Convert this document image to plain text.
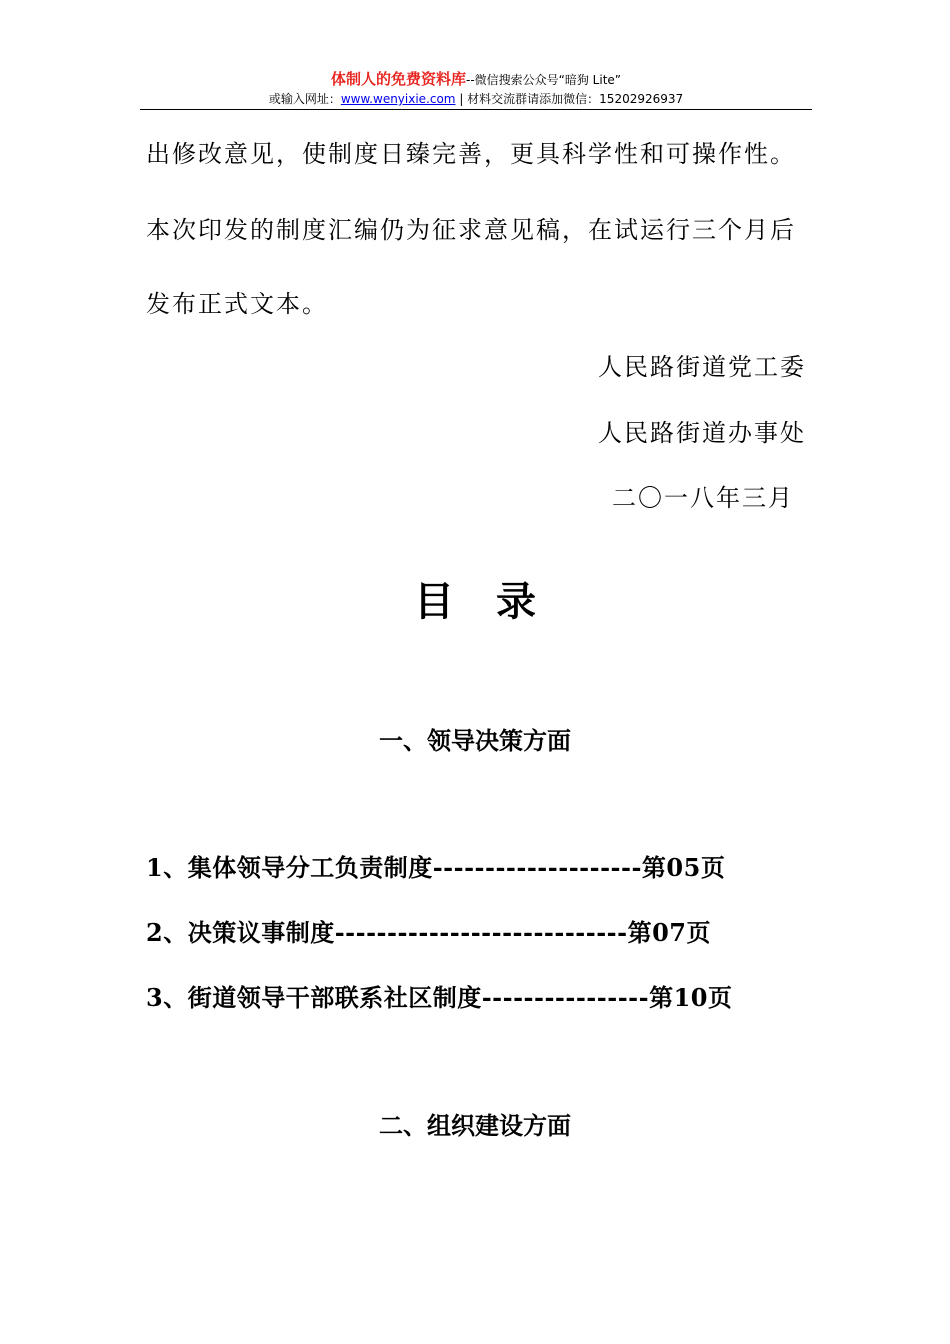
体制人的免费资料库--微信搜索公众号“暗狗 Lite”
或输入网址：www.wenyixie.com | 材料交流群请添加微信：15202926937
出修改意见，使制度日臻完善，更具科学性和可操作性。
本次印发的制度汇编仍为征求意见稿，在试运行三个月后
发布正式文本。
人民路街道党工委
人民路街道办事处
二〇一八年三月
目 录
一、领导决策方面
1、集体领导分工负责制度--------------------第05页
2、决策议事制度----------------------------第07页
3、街道领导干部联系社区制度----------------第10页
二、组织建设方面
